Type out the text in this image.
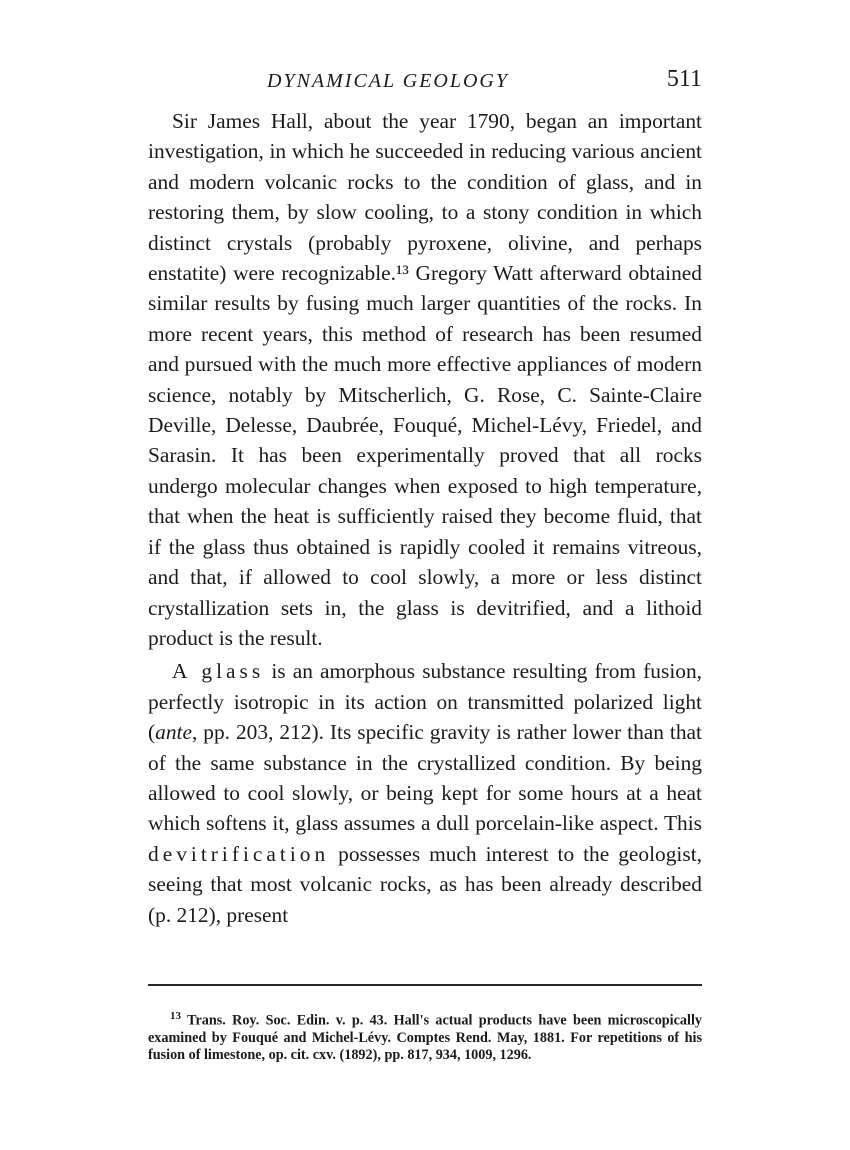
DYNAMICAL GEOLOGY	511

Sir James Hall, about the year 1790, began an important investigation, in which he succeeded in reducing various ancient and modern volcanic rocks to the condition of glass, and in restoring them, by slow cooling, to a stony condition in which distinct crystals (probably pyroxene, olivine, and perhaps enstatite) were recognizable.¹³ Gregory Watt afterward obtained similar results by fusing much larger quantities of the rocks. In more recent years, this method of research has been resumed and pursued with the much more effective appliances of modern science, notably by Mitscherlich, G. Rose, C. Sainte-Claire Deville, Delesse, Daubrée, Fouqué, Michel-Lévy, Friedel, and Sarasin. It has been experimentally proved that all rocks undergo molecular changes when exposed to high temperature, that when the heat is sufficiently raised they become fluid, that if the glass thus obtained is rapidly cooled it remains vitreous, and that, if allowed to cool slowly, a more or less distinct crystallization sets in, the glass is devitrified, and a lithoid product is the result.

A glass is an amorphous substance resulting from fusion, perfectly isotropic in its action on transmitted polarized light (ante, pp. 203, 212). Its specific gravity is rather lower than that of the same substance in the crystallized condition. By being allowed to cool slowly, or being kept for some hours at a heat which softens it, glass assumes a dull porcelain-like aspect. This devitrification possesses much interest to the geologist, seeing that most volcanic rocks, as has been already described (p. 212), present

$^{13}$ Trans. Roy. Soc. Edin. v. p. 43. Hall's actual products have been microscopically examined by Fouqué and Michel-Lévy. Comptes Rend. May, 1881. For repetitions of his fusion of limestone, op. cit. cxv. (1892), pp. 817, 934, 1009, 1296.
